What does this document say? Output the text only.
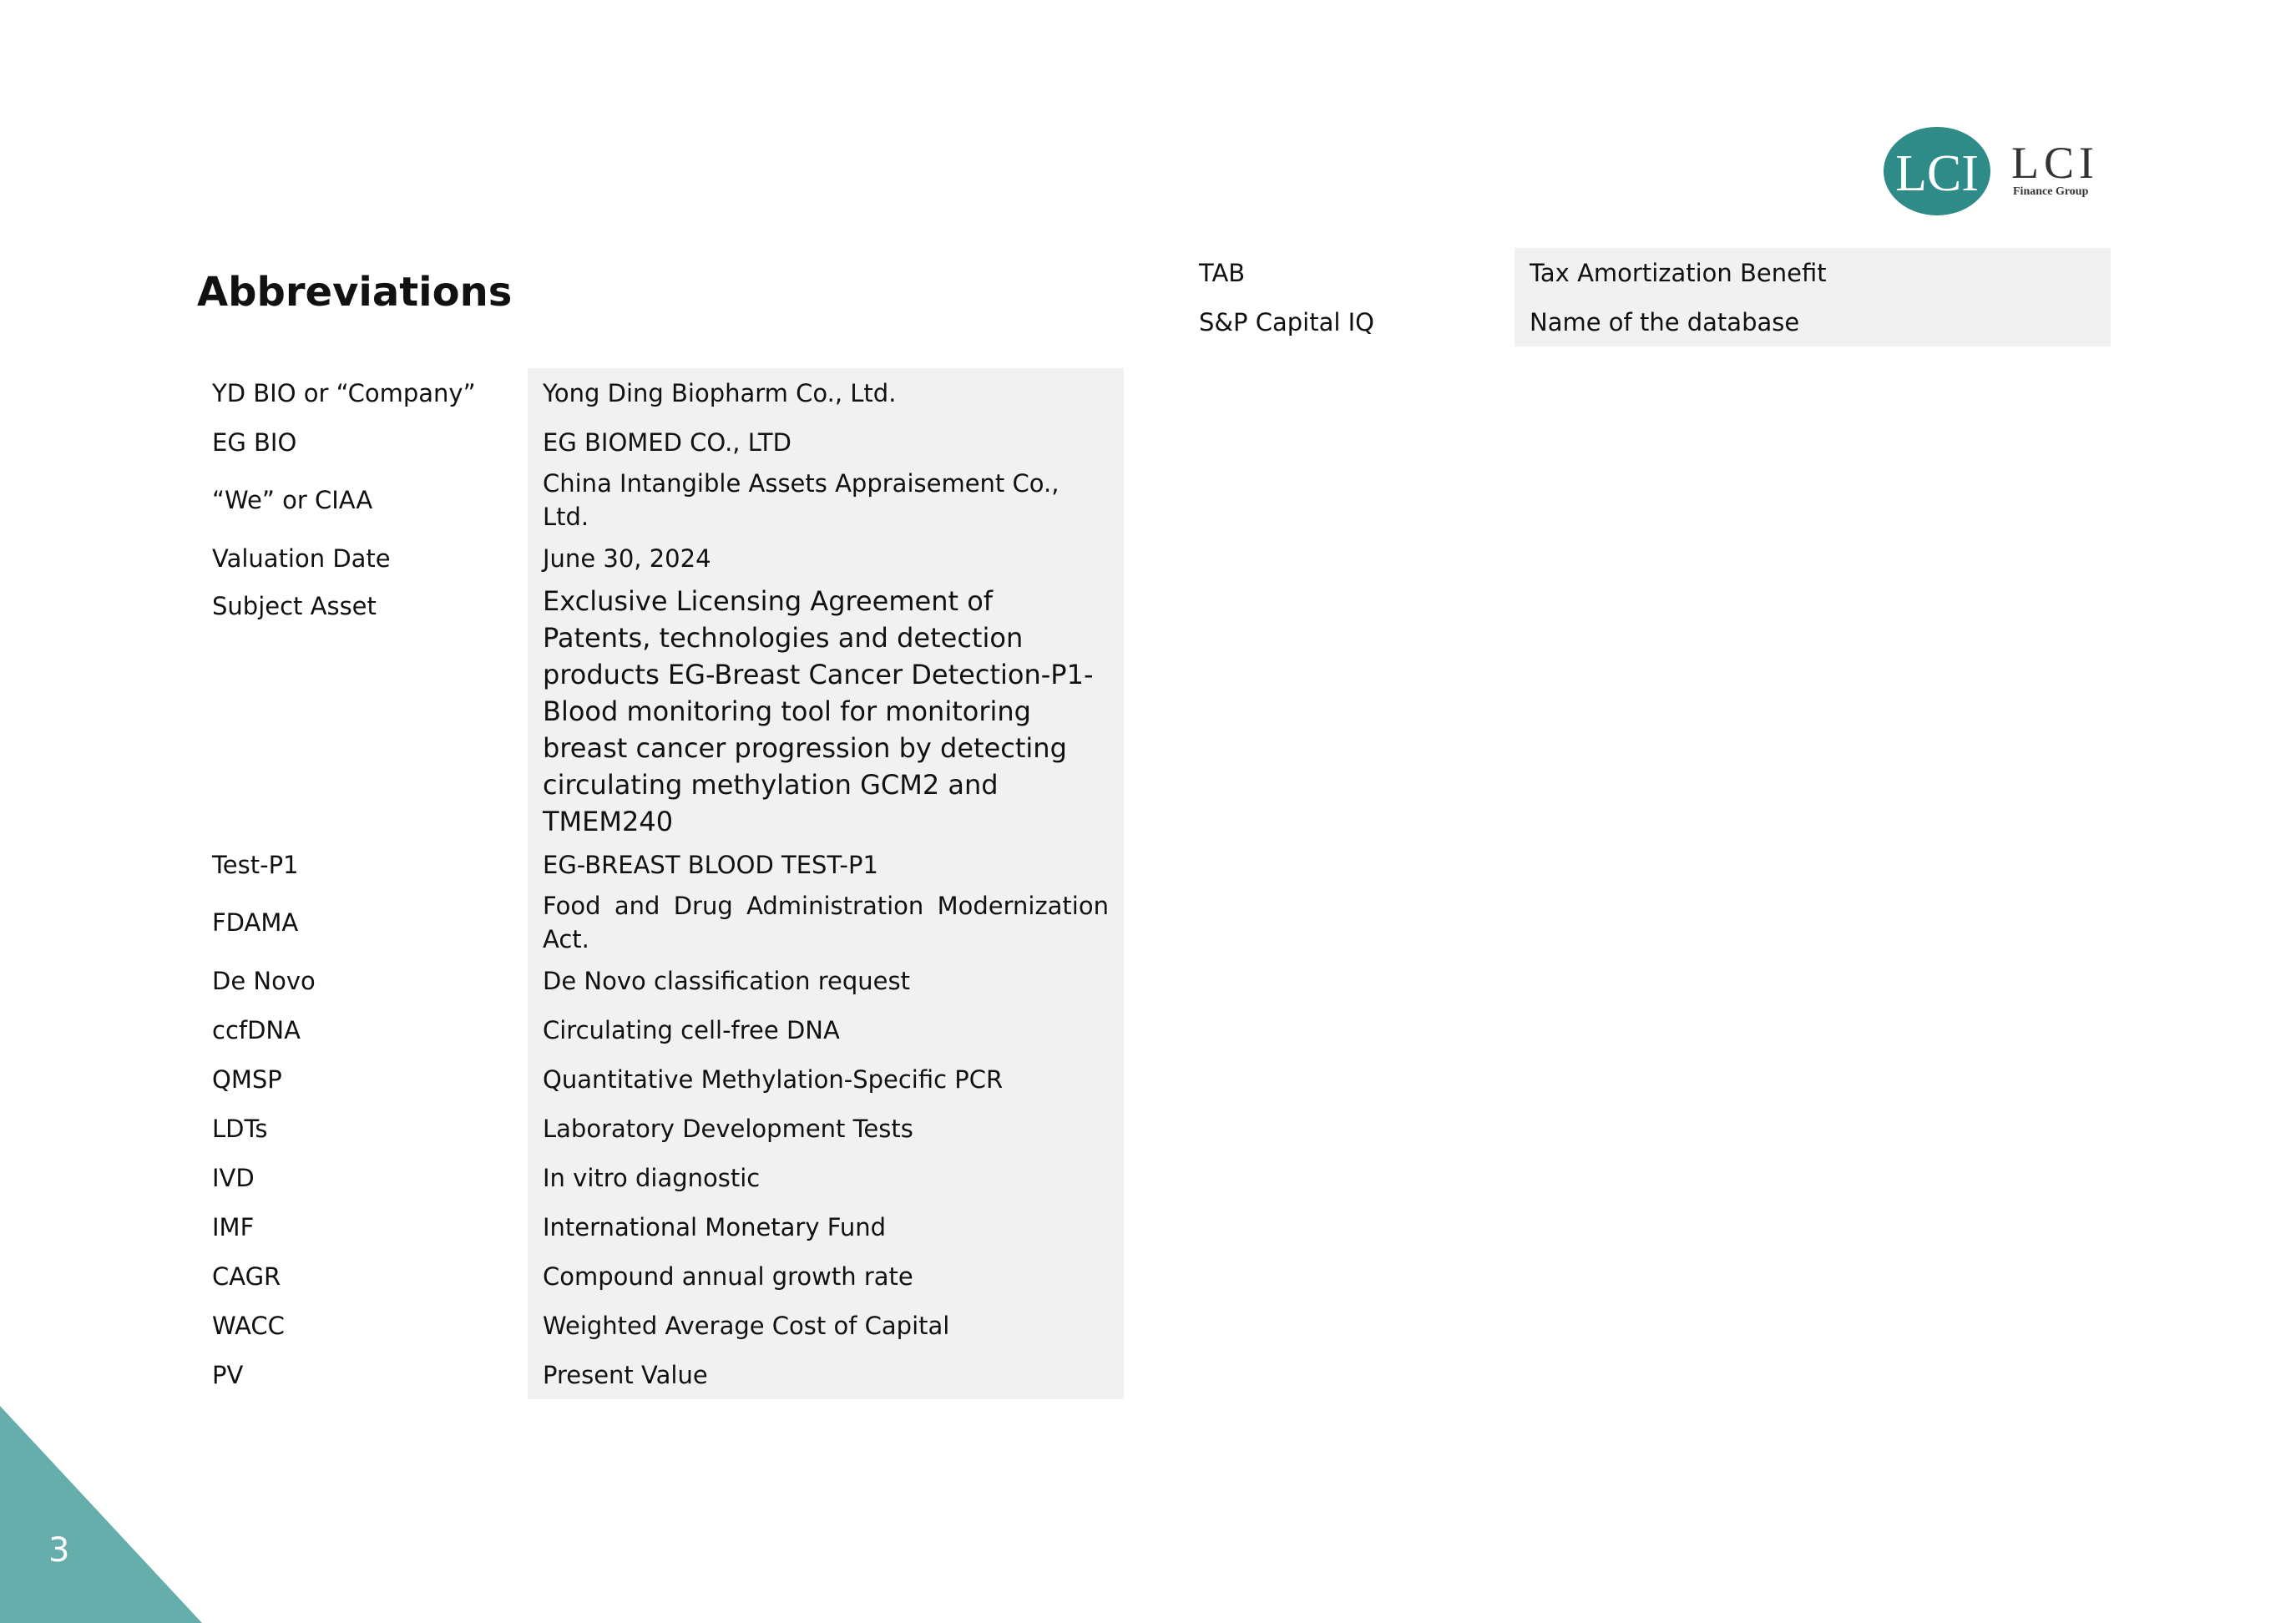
Abbreviations
LCI LCI
Finance Group
YD BIO or “Company”	Yong Ding Biopharm Co., Ltd.
EG BIO	EG BIOMED CO., LTD
“We” or CIAA	China Intangible Assets Appraisement Co., Ltd.
Valuation Date	June 30, 2024
Subject Asset	Exclusive Licensing Agreement of Patents, technologies and detection products EG-Breast Cancer Detection-P1- Blood monitoring tool for monitoring breast cancer progression by detecting circulating methylation GCM2 and TMEM240
Test-P1	EG-BREAST BLOOD TEST-P1
FDAMA	Food and Drug Administration Modernization Act.
De Novo	De Novo classification request
ccfDNA	Circulating cell-free DNA
QMSP	Quantitative Methylation-Specific PCR
LDTs	Laboratory Development Tests
IVD	In vitro diagnostic
IMF	International Monetary Fund
CAGR	Compound annual growth rate
WACC	Weighted Average Cost of Capital
PV	Present Value
TAB	Tax Amortization Benefit
S&P Capital IQ	Name of the database
3
